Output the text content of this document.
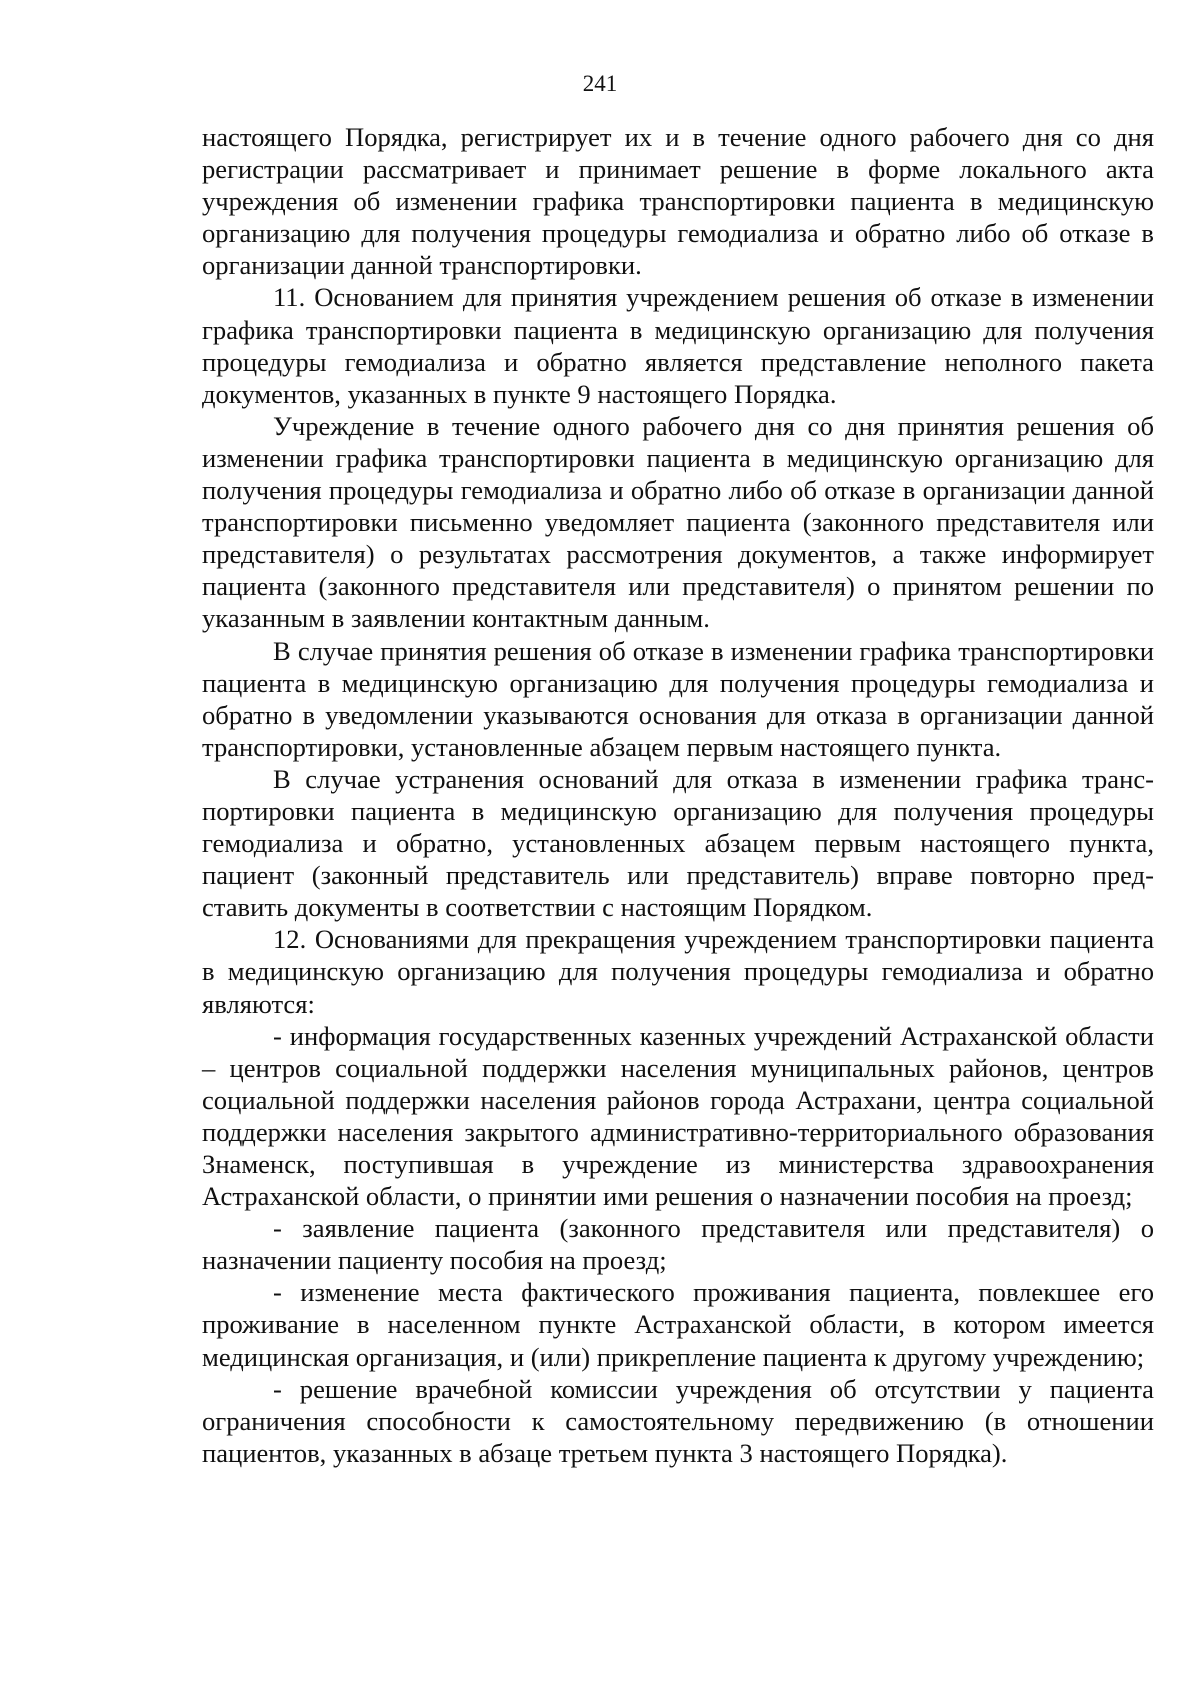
241

настоящего Порядка, регистрирует их и в течение одного рабочего дня со дня регистрации рассматривает и принимает решение в форме локального акта учреждения об изменении графика транспортировки пациента в медицинскую организацию для получения процедуры гемодиализа и обратно либо об отказе в организации данной транспортировки.

11. Основанием для принятия учреждением решения об отказе в изменении графика транспортировки пациента в медицинскую организацию для получения процедуры гемодиализа и обратно является представление неполного пакета документов, указанных в пункте 9 настоящего Порядка.

Учреждение в течение одного рабочего дня со дня принятия решения об изменении графика транспортировки пациента в медицинскую организацию для получения процедуры гемодиализа и обратно либо об отказе в организации данной транспортировки письменно уведомляет пациента (законного представителя или представителя) о результатах рассмотрения документов, а также информирует пациента (законного представителя или представителя) о принятом решении по указанным в заявлении контактным данным.

В случае принятия решения об отказе в изменении графика транспортировки пациента в медицинскую организацию для получения процедуры гемодиализа и обратно в уведомлении указываются основания для отказа в организации данной транспортировки, установленные абзацем первым настоящего пункта.

В случае устранения оснований для отказа в изменении графика транспортировки пациента в медицинскую организацию для получения процедуры гемодиализа и обратно, установленных абзацем первым настоящего пункта, пациент (законный представитель или представитель) вправе повторно представить документы в соответствии с настоящим Порядком.

12. Основаниями для прекращения учреждением транспортировки пациента в медицинскую организацию для получения процедуры гемодиализа и обратно являются:

- информация государственных казенных учреждений Астраханской области – центров социальной поддержки населения муниципальных районов, центров социальной поддержки населения районов города Астрахани, центра социальной поддержки населения закрытого административно-территориального образования Знаменск, поступившая в учреждение из министерства здравоохранения Астраханской области, о принятии ими решения о назначении пособия на проезд;

- заявление пациента (законного представителя или представителя) о назначении пациенту пособия на проезд;

- изменение места фактического проживания пациента, повлекшее его проживание в населенном пункте Астраханской области, в котором имеется медицинская организация, и (или) прикрепление пациента к другому учреждению;

- решение врачебной комиссии учреждения об отсутствии у пациента ограничения способности к самостоятельному передвижению (в отношении пациентов, указанных в абзаце третьем пункта 3 настоящего Порядка).
